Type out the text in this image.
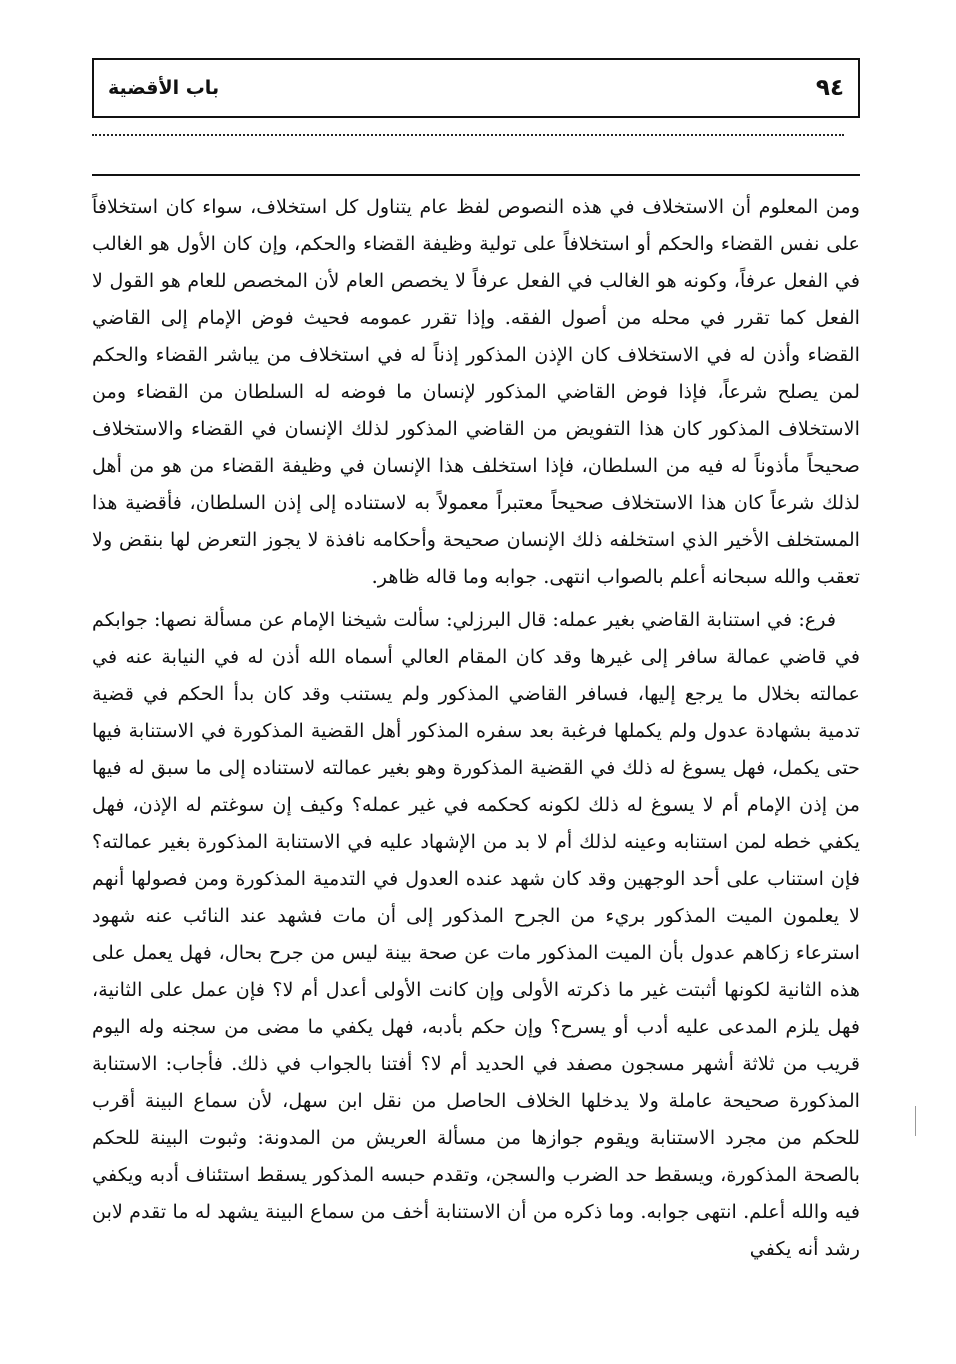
٩٤
باب الأقضية

ومن المعلوم أن الاستخلاف في هذه النصوص لفظ عام يتناول كل استخلاف، سواء كان استخلافاً على نفس القضاء والحكم أو استخلافاً على تولية وظيفة القضاء والحكم، وإن كان الأول هو الغالب في الفعل عرفاً، وكونه هو الغالب في الفعل عرفاً لا يخصص العام لأن المخصص للعام هو القول لا الفعل كما تقرر في محله من أصول الفقه. وإذا تقرر عمومه فحيث فوض الإمام إلى القاضي القضاء وأذن له في الاستخلاف كان الإذن المذكور إذناً له في استخلاف من يباشر القضاء والحكم لمن يصلح شرعاً، فإذا فوض القاضي المذكور لإنسان ما فوضه له السلطان من القضاء ومن الاستخلاف المذكور كان هذا التفويض من القاضي المذكور لذلك الإنسان في القضاء والاستخلاف صحيحاً مأذوناً له فيه من السلطان، فإذا استخلف هذا الإنسان في وظيفة القضاء من هو من أهل لذلك شرعاً كان هذا الاستخلاف صحيحاً معتبراً معمولاً به لاستناده إلى إذن السلطان، فأقضية هذا المستخلف الأخير الذي استخلفه ذلك الإنسان صحيحة وأحكامه نافذة لا يجوز التعرض لها بنقض ولا تعقب والله سبحانه أعلم بالصواب انتهى. جوابه وما قاله ظاهر.

فرع: في استنابة القاضي بغير عمله: قال البرزلي: سألت شيخنا الإمام عن مسألة نصها: جوابكم في قاضي عمالة سافر إلى غيرها وقد كان المقام العالي أسماه الله أذن له في النيابة عنه في عمالته بخلال ما يرجع إليها، فسافر القاضي المذكور ولم يستنب وقد كان بدأ الحكم في قضية تدمية بشهادة عدول ولم يكملها فرغبة بعد سفره المذكور أهل القضية المذكورة في الاستنابة فيها حتى يكمل، فهل يسوغ له ذلك في القضية المذكورة وهو بغير عمالته لاستناده إلى ما سبق له فيها من إذن الإمام أم لا يسوغ له ذلك لكونه كحكمه في غير عمله؟ وكيف إن سوغتم له الإذن، فهل يكفي خطه لمن استنابه وعينه لذلك أم لا بد من الإشهاد عليه في الاستنابة المذكورة بغير عمالته؟ فإن استناب على أحد الوجهين وقد كان شهد عنده العدول في التدمية المذكورة ومن فصولها أنهم لا يعلمون الميت المذكور بريء من الجرح المذكور إلى أن مات فشهد عند النائب عنه شهود استرعاء زكاهم عدول بأن الميت المذكور مات عن صحة بينة ليس من جرح بحال، فهل يعمل على هذه الثانية لكونها أثبتت غير ما ذكرته الأولى وإن كانت الأولى أعدل أم لا؟ فإن عمل على الثانية، فهل يلزم المدعى عليه أدب أو يسرح؟ وإن حكم بأدبه، فهل يكفي ما مضى من سجنه وله اليوم قريب من ثلاثة أشهر مسجون مصفد في الحديد أم لا؟ أفتنا بالجواب في ذلك. فأجاب: الاستنابة المذكورة صحيحة عاملة ولا يدخلها الخلاف الحاصل من نقل ابن سهل، لأن سماع البينة أقرب للحكم من مجرد الاستنابة ويقوم جوازها من مسألة العريش من المدونة: وثبوت البينة للحكم بالصحة المذكورة، ويسقط حد الضرب والسجن، وتقدم حبسه المذكور يسقط استئناف أدبه ويكفي فيه والله أعلم. انتهى جوابه. وما ذكره من أن الاستنابة أخف من سماع البينة يشهد له ما تقدم لابن رشد أنه يكفي
